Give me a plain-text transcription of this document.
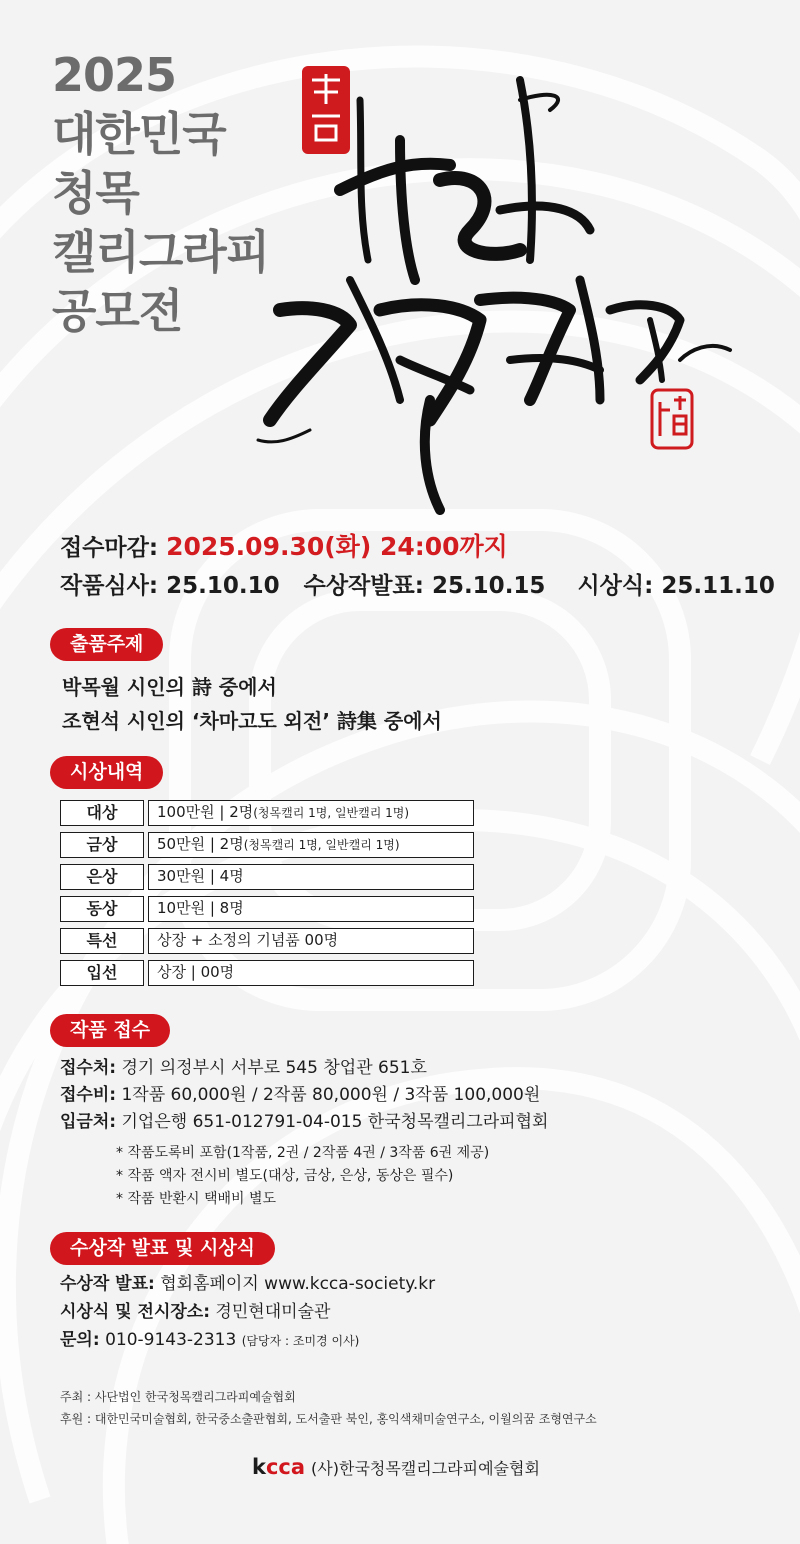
2025
대한민국
청목
캘리그라피
공모전
접수마감: 2025.09.30(화) 24:00까지
작품심사: 25.10.10 수상작발표: 25.10.15 시상식: 25.11.10
출품주제
박목월 시인의 詩 중에서
조현석 시인의 ‘차마고도 외전’ 詩集 중에서
시상내역
대상	100만원 | 2명(청목캘리 1명, 일반캘리 1명)
금상	50만원 | 2명(청목캘리 1명, 일반캘리 1명)
은상	30만원 | 4명
동상	10만원 | 8명
특선	상장 + 소정의 기념품 00명
입선	상장 | 00명
작품 접수
접수처: 경기 의정부시 서부로 545 창업관 651호
접수비: 1작품 60,000원 / 2작품 80,000원 / 3작품 100,000원
입금처: 기업은행 651-012791-04-015 한국청목캘리그라피협회
* 작품도록비 포함(1작품, 2권 / 2작품 4권 / 3작품 6권 제공)
* 작품 액자 전시비 별도(대상, 금상, 은상, 동상은 필수)
* 작품 반환시 택배비 별도
수상작 발표 및 시상식
수상작 발표: 협회홈페이지 www.kcca-society.kr
시상식 및 전시장소: 경민현대미술관
문의: 010-9143-2313 (담당자 : 조미경 이사)
주최 : 사단법인 한국청목캘리그라피예술협회
후원 : 대한민국미술협회, 한국중소출판협회, 도서출판 북인, 홍익색채미술연구소, 이월의꿈 조형연구소
k cca (사)한국청목캘리그라피예술협회
